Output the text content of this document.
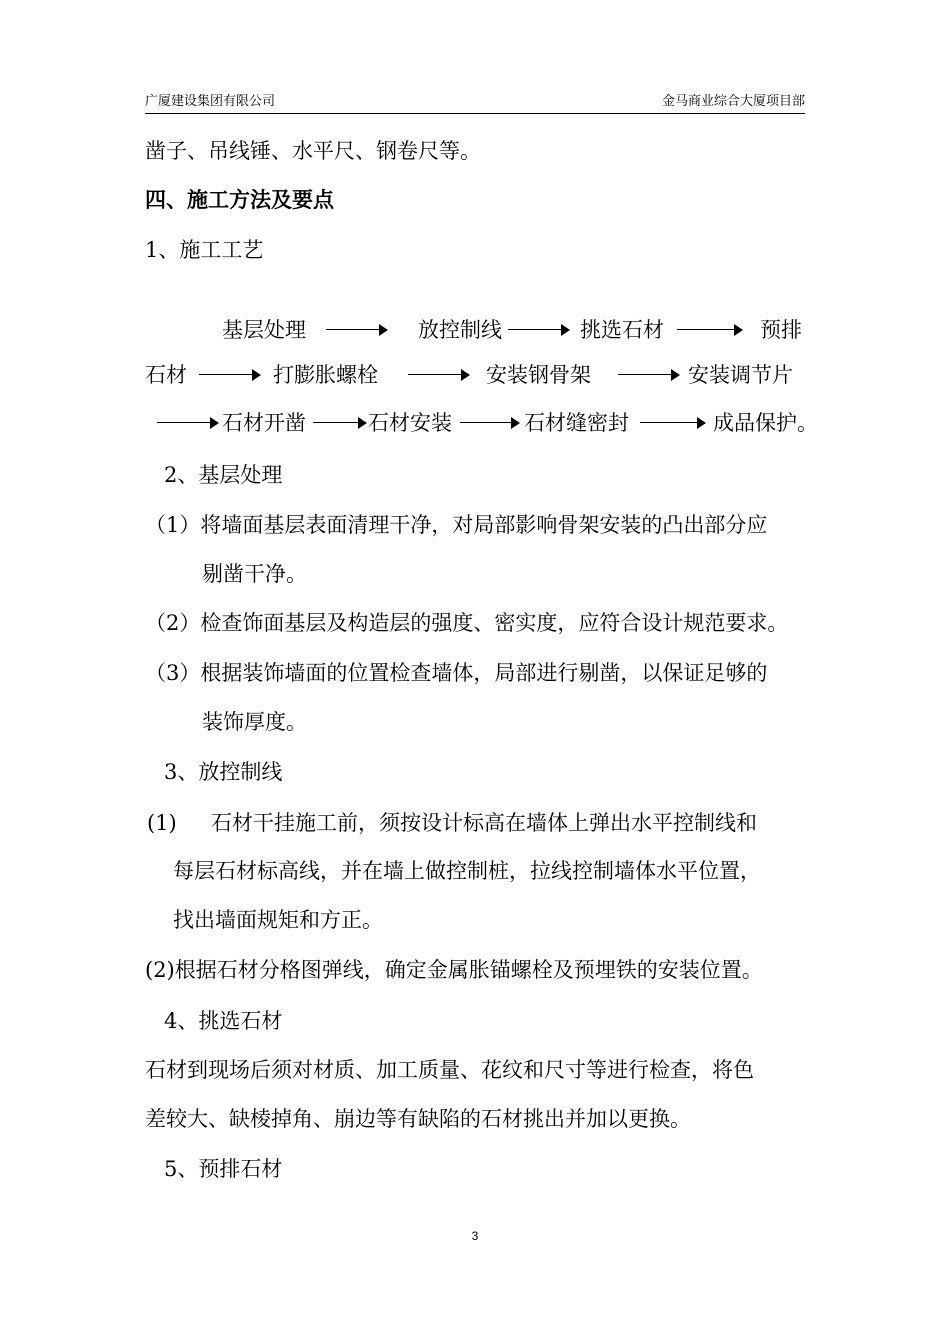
广厦建设集团有限公司	金马商业综合大厦项目部
凿子、吊线锤、水平尺、钢卷尺等。
四、施工方法及要点
1、施工工艺
基层处理	放控制线	挑选石材	预排
石材	打膨胀螺栓	安装钢骨架	安装调节片
石材开凿	石材安装	石材缝密封	成品保护。
2、基层处理
（1）将墙面基层表面清理干净，对局部影响骨架安装的凸出部分应
剔凿干净。
（2）检查饰面基层及构造层的强度、密实度，应符合设计规范要求。
（3）根据装饰墙面的位置检查墙体，局部进行剔凿，以保证足够的
装饰厚度。
3、放控制线
(1) 石材干挂施工前，须按设计标高在墙体上弹出水平控制线和
每层石材标高线，并在墙上做控制桩，拉线控制墙体水平位置，
找出墙面规矩和方正。
(2)根据石材分格图弹线，确定金属胀锚螺栓及预埋铁的安装位置。
4、挑选石材
石材到现场后须对材质、加工质量、花纹和尺寸等进行检查，将色
差较大、缺棱掉角、崩边等有缺陷的石材挑出并加以更换。
5、预排石材
3
